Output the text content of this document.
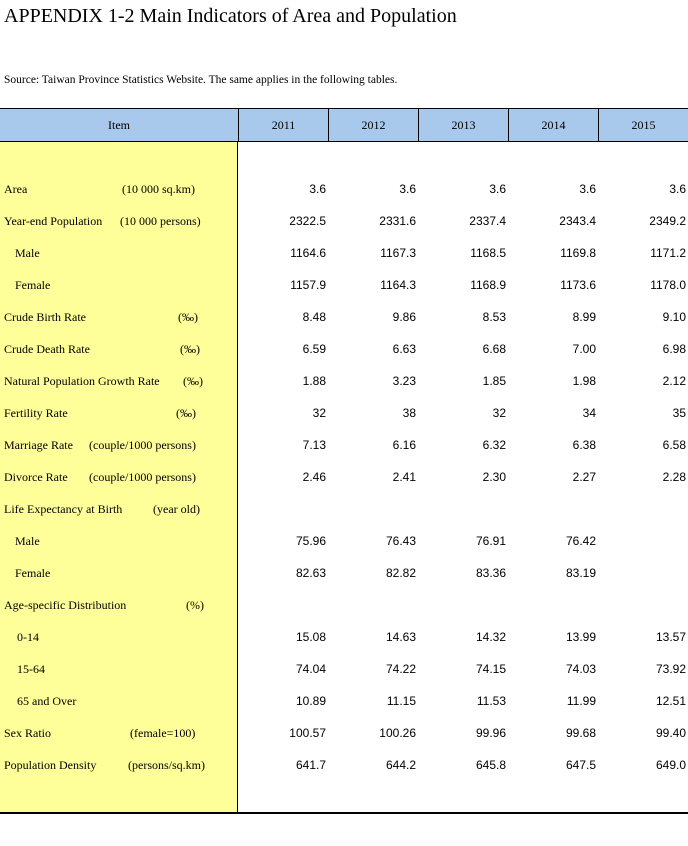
APPENDIX 1-2 Main Indicators of Area and Population
Source: Taiwan Province Statistics Website. The same applies in the following tables.
Item	2011	2012	2013	2014	2015
Area	(10 000 sq.km)	3.6	3.6	3.6	3.6	3.6
Year-end Population (10 000 persons)	2322.5	2331.6	2337.4	2343.4	2349.2
Male	1164.6	1167.3	1168.5	1169.8	1171.2
Female	1157.9	1164.3	1168.9	1173.6	1178.0
Crude Birth Rate	(‰)	8.48	9.86	8.53	8.99	9.10
Crude Death Rate	(‰)	6.59	6.63	6.68	7.00	6.98
Natural Population Growth Rate (‰)	1.88	3.23	1.85	1.98	2.12
Fertility Rate	(‰)	32	38	32	34	35
Marriage Rate (couple/1000 persons)	7.13	6.16	6.32	6.38	6.58
Divorce Rate (couple/1000 persons)	2.46	2.41	2.30	2.27	2.28
Life Expectancy at Birth	(year old)
Male	75.96	76.43	76.91	76.42
Female	82.63	82.82	83.36	83.19
Age-specific Distribution	(%)
0-14	15.08	14.63	14.32	13.99	13.57
15-64	74.04	74.22	74.15	74.03	73.92
65 and Over	10.89	11.15	11.53	11.99	12.51
Sex Ratio	(female=100)	100.57	100.26	99.96	99.68	99.40
Population Density	(persons/sq.km)	641.7	644.2	645.8	647.5	649.0
